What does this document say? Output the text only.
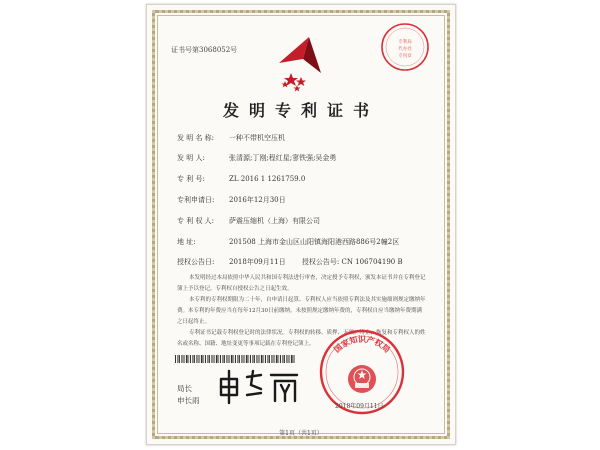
证书号第3068052号
专利局
代办处
专用章
发明专利证书
发 明 名 称: 一种不带机空压机
发 明 人:	张清源;丁刚;程红星;寥铁强;吴金勇
专 利 号:	ZL 2016 1 1261759.0
专利申请日: 2016年12月30日
专 利 权 人: 萨震压缩机（上海）有限公司
地 址:	201508 上海市金山区山阳镇海阳港西路886号2幢2区
授权公告日: 2018年09月11日 授权公告号: CN 106704190 B

本发明经过本局依照中华人民共和国专利法进行审查，决定授予专利权，颁发本证书并在专利登记簿上予以登记。专利权自授权公告之日起生效。

本专利的专利权期限为二十年，自申请日起算。专利权人应当依照专利法及其实施细则规定缴纳年费。本专利的年费应当在每年12月30日前缴纳。未按照规定缴纳年费的，专利权自应当缴纳年费期满之日起终止。

专利证书记载专利权登记时的法律状况。专利权的转移、质押、无效、终止、恢复和专利权人的姓名或名称、国籍、地址变更等事项记载在专利登记簿上。

局长
申长雨
国家知识产权局
2018年09月11日
第1页（共1页）
